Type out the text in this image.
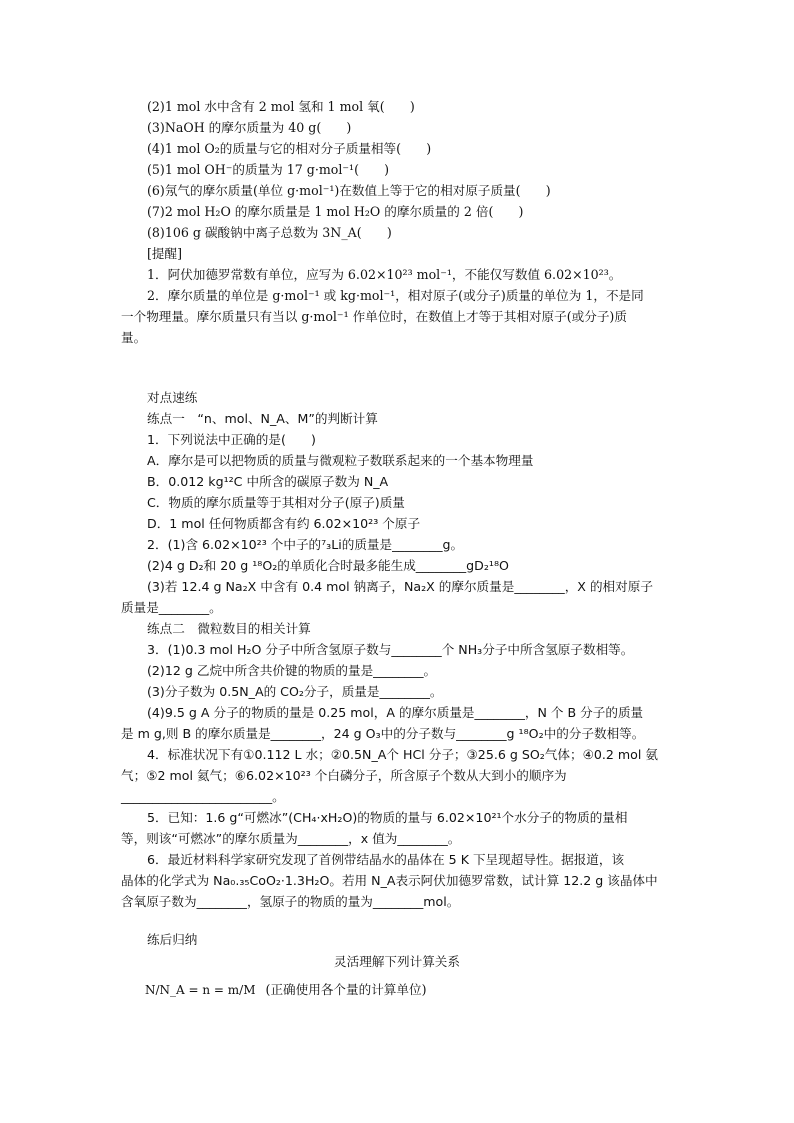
(2)1 mol 水中含有 2 mol 氢和 1 mol 氧(　　)
(3)NaOH 的摩尔质量为 40 g(　　)
(4)1 mol O₂的质量与它的相对分子质量相等(　　)
(5)1 mol OH⁻的质量为 17 g·mol⁻¹(　　)
(6)氖气的摩尔质量(单位 g·mol⁻¹)在数值上等于它的相对原子质量(　　)
(7)2 mol H₂O 的摩尔质量是 1 mol H₂O 的摩尔质量的 2 倍(　　)
(8)106 g 碳酸钠中离子总数为 3N_A(　　)
[提醒]
1．阿伏加德罗常数有单位，应写为 6.02×10²³ mol⁻¹，不能仅写数值 6.02×10²³。
2．摩尔质量的单位是 g·mol⁻¹ 或 kg·mol⁻¹，相对原子(或分子)质量的单位为 1，不是同
一个物理量。摩尔质量只有当以 g·mol⁻¹ 作单位时，在数值上才等于其相对原子(或分子)质
量。
对点速练
练点一　“n、mol、N_A、M”的判断计算
1．下列说法中正确的是(　　)
A．摩尔是可以把物质的质量与微观粒子数联系起来的一个基本物理量
B．0.012 kg¹²C 中所含的碳原子数为 N_A
C．物质的摩尔质量等于其相对分子(原子)质量
D．1 mol 任何物质都含有约 6.02×10²³ 个原子
2．(1)含 6.02×10²³ 个中子的⁷₃Li的质量是________g。
(2)4 g D₂和 20 g ¹⁸O₂的单质化合时最多能生成________gD₂¹⁸O
(3)若 12.4 g Na₂X 中含有 0.4 mol 钠离子，Na₂X 的摩尔质量是________，X 的相对原子
质量是________。
练点二　微粒数目的相关计算
3．(1)0.3 mol H₂O 分子中所含氢原子数与________个 NH₃分子中所含氢原子数相等。
(2)12 g 乙烷中所含共价键的物质的量是________。
(3)分子数为 0.5N_A的 CO₂分子，质量是________。
(4)9.5 g A 分子的物质的量是 0.25 mol，A 的摩尔质量是________，N 个 B 分子的质量
是 m g,则 B 的摩尔质量是________，24 g O₃中的分子数与________g ¹⁸O₂中的分子数相等。
4．标准状况下有①0.112 L 水；②0.5N_A个 HCl 分子；③25.6 g SO₂气体；④0.2 mol 氨
气；⑤2 mol 氦气；⑥6.02×10²³ 个白磷分子，所含原子个数从大到小的顺序为
________________________。
5．已知：1.6 g“可燃冰”(CH₄·xH₂O)的物质的量与 6.02×10²¹个水分子的物质的量相
等，则该“可燃冰”的摩尔质量为________，x 值为________。
6．最近材料科学家研究发现了首例带结晶水的晶体在 5 K 下呈现超导性。据报道，该
晶体的化学式为 Na₀.₃₅CoO₂·1.3H₂O。若用 N_A表示阿伏加德罗常数，试计算 12.2 g 该晶体中
含氧原子数为________，氢原子的物质的量为________mol。
练后归纳
灵活理解下列计算关系
N/N_A = n = m/M (正确使用各个量的计算单位)
